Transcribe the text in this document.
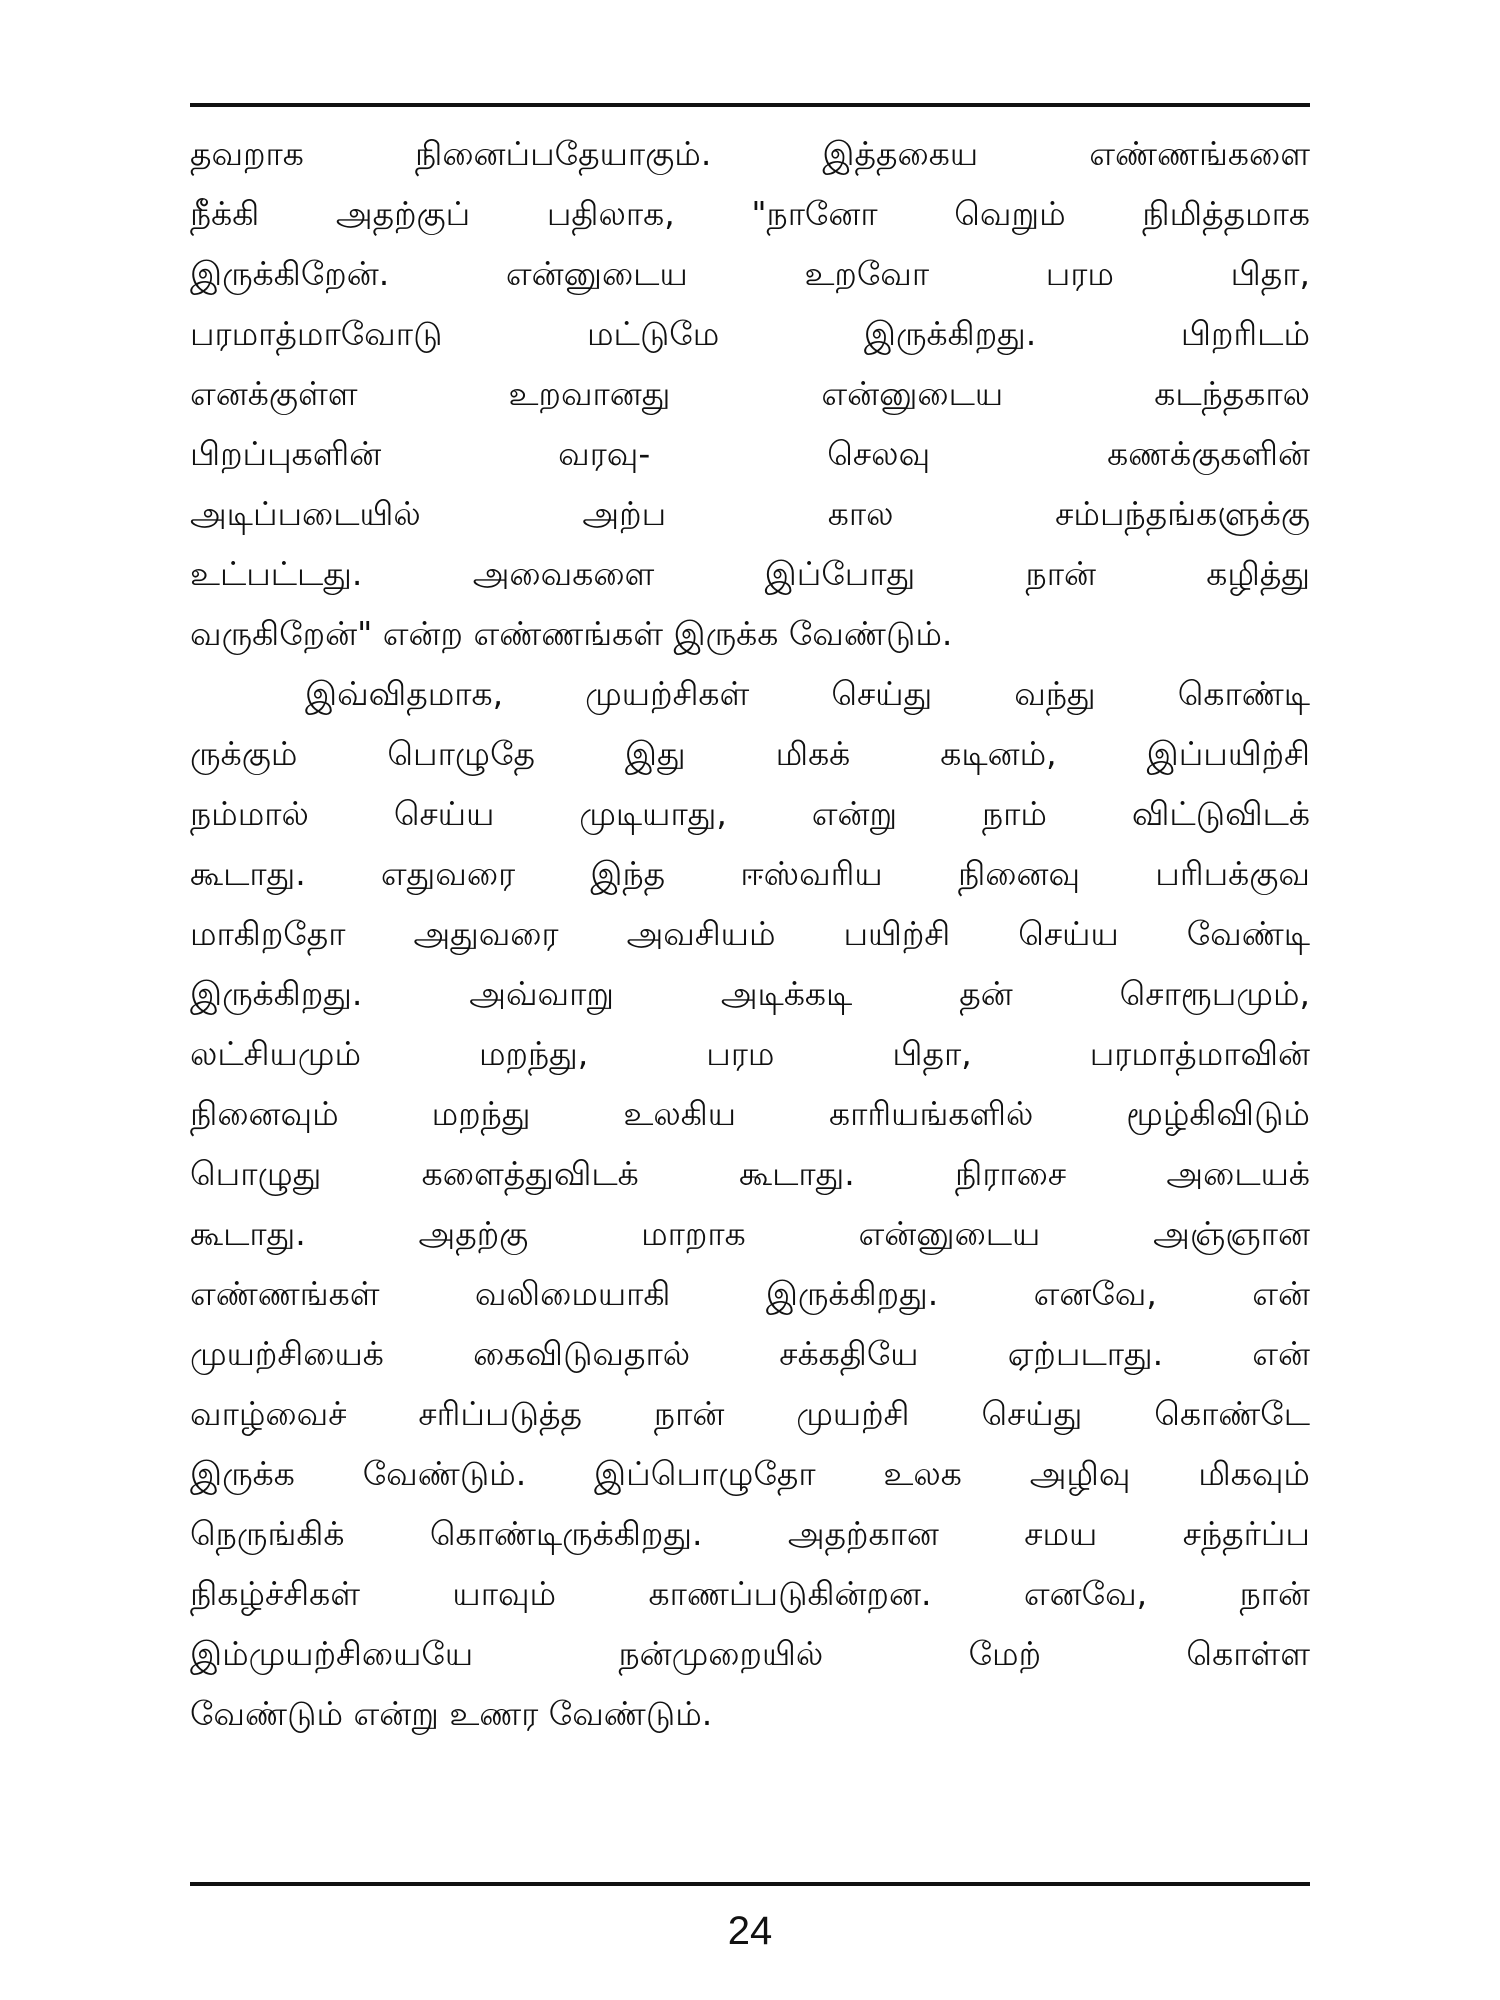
தவறாக நினைப்பதேயாகும். இத்தகைய எண்ணங்களை
நீக்கி அதற்குப் பதிலாக, "நானோ வெறும் நிமித்தமாக
இருக்கிறேன். என்னுடைய உறவோ பரம பிதா,
பரமாத்மாவோடு மட்டுமே இருக்கிறது. பிறரிடம்
எனக்குள்ள உறவானது என்னுடைய கடந்தகால
பிறப்புகளின் வரவு- செலவு கணக்குகளின்
அடிப்படையில் அற்ப கால சம்பந்தங்களுக்கு
உட்பட்டது. அவைகளை இப்போது நான் கழித்து
வருகிறேன்" என்ற எண்ணங்கள் இருக்க வேண்டும்.
இவ்விதமாக, முயற்சிகள் செய்து வந்து கொண்டி
ருக்கும் பொழுதே இது மிகக் கடினம், இப்பயிற்சி
நம்மால் செய்ய முடியாது, என்று நாம் விட்டுவிடக்
கூடாது. எதுவரை இந்த ஈஸ்வரிய நினைவு பரிபக்குவ
மாகிறதோ அதுவரை அவசியம் பயிற்சி செய்ய வேண்டி
இருக்கிறது. அவ்வாறு அடிக்கடி தன் சொரூபமும்,
லட்சியமும் மறந்து, பரம பிதா, பரமாத்மாவின்
நினைவும் மறந்து உலகிய காரியங்களில் மூழ்கிவிடும்
பொழுது களைத்துவிடக் கூடாது. நிராசை அடையக்
கூடாது. அதற்கு மாறாக என்னுடைய அஞ்ஞான
எண்ணங்கள் வலிமையாகி இருக்கிறது. எனவே, என்
முயற்சியைக் கைவிடுவதால் சக்கதியே ஏற்படாது. என்
வாழ்வைச் சரிப்படுத்த நான் முயற்சி செய்து கொண்டே
இருக்க வேண்டும். இப்பொழுதோ உலக அழிவு மிகவும்
நெருங்கிக் கொண்டிருக்கிறது. அதற்கான சமய சந்தர்ப்ப
நிகழ்ச்சிகள் யாவும் காணப்படுகின்றன. எனவே, நான்
இம்முயற்சியையே நன்முறையில் மேற் கொள்ள
வேண்டும் என்று உணர வேண்டும்.
24
